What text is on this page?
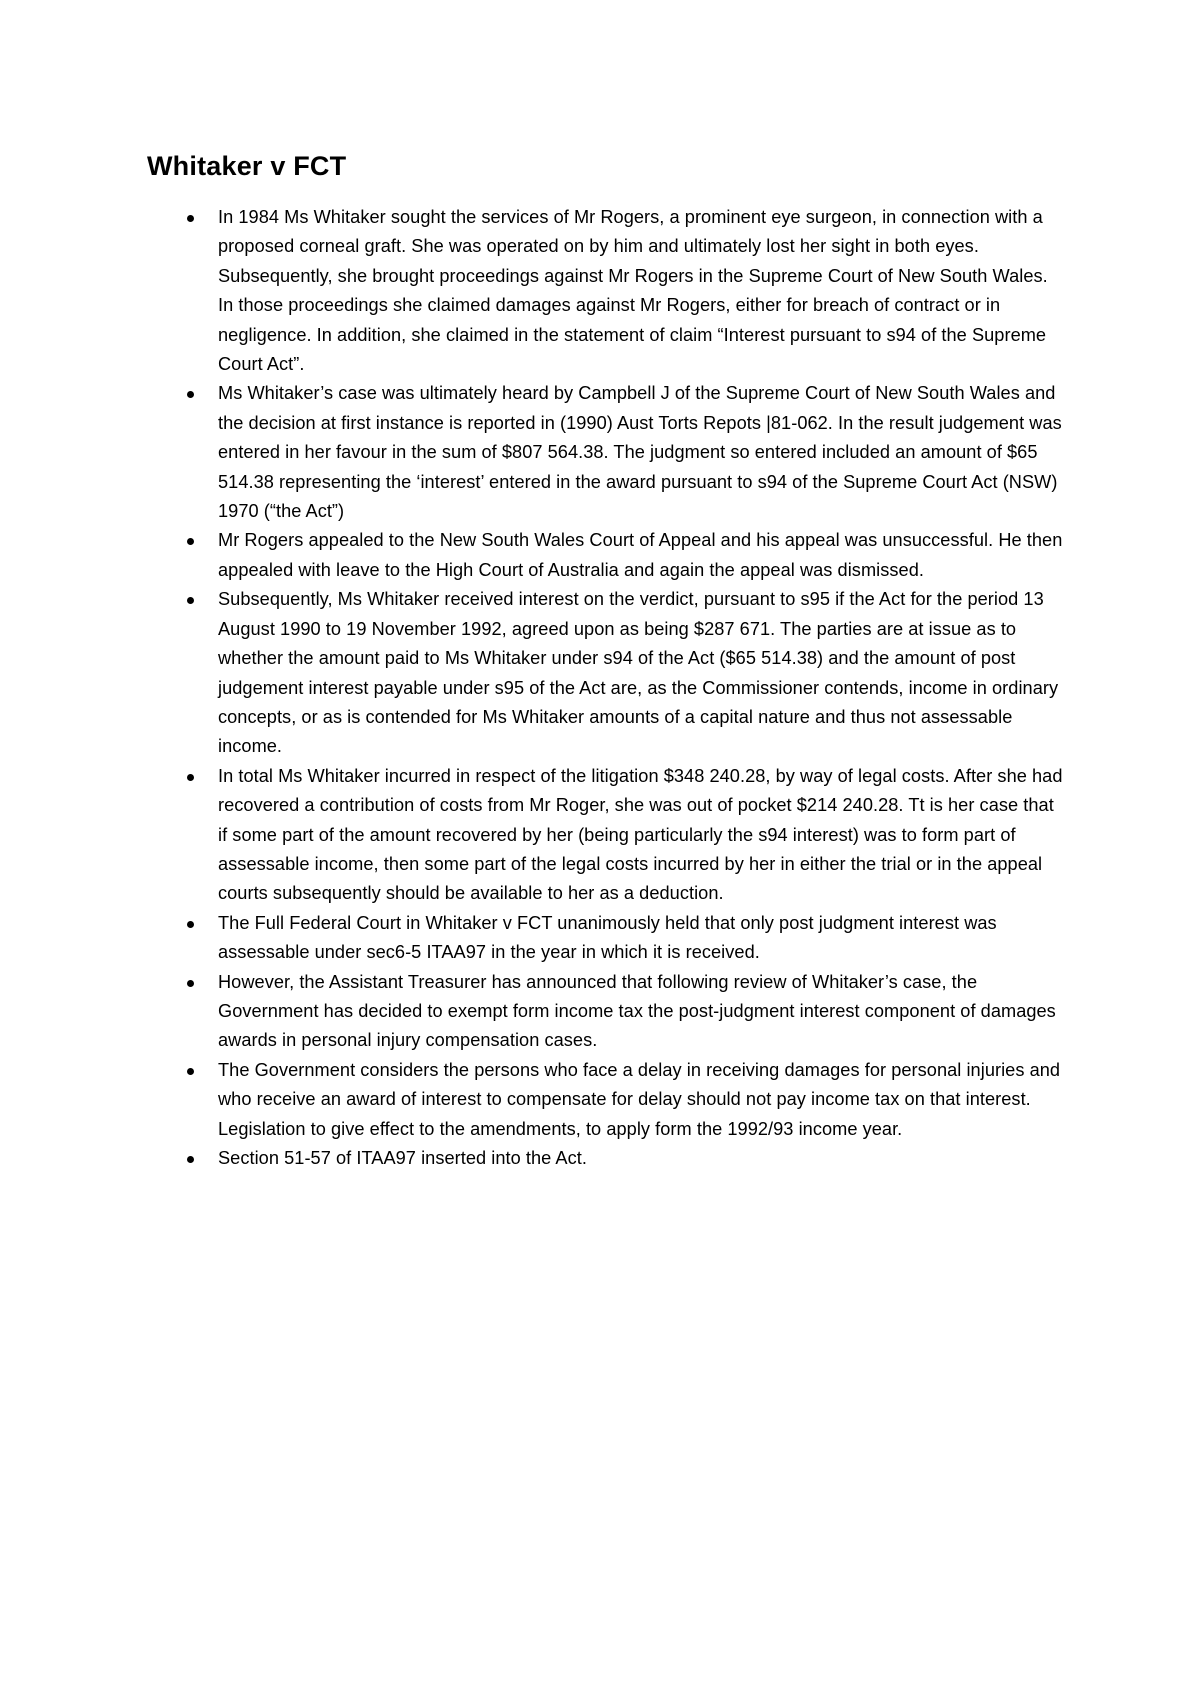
Whitaker v FCT
In 1984 Ms Whitaker sought the services of Mr Rogers, a prominent eye surgeon, in connection with a proposed corneal graft. She was operated on by him and ultimately lost her sight in both eyes. Subsequently, she brought proceedings against Mr Rogers in the Supreme Court of New South Wales. In those proceedings she claimed damages against Mr Rogers, either for breach of contract or in negligence. In addition, she claimed in the statement of claim “Interest pursuant to s94 of the Supreme Court Act”.
Ms Whitaker’s case was ultimately heard by Campbell J of the Supreme Court of New South Wales and the decision at first instance is reported in (1990) Aust Torts Repots |81-062. In the result judgement was entered in her favour in the sum of $807 564.38. The judgment so entered included an amount of $65 514.38 representing the ‘interest’ entered in the award pursuant to s94 of the Supreme Court Act (NSW) 1970 (“the Act”)
Mr Rogers appealed to the New South Wales Court of Appeal and his appeal was unsuccessful. He then appealed with leave to the High Court of Australia and again the appeal was dismissed.
Subsequently, Ms Whitaker received interest on the verdict, pursuant to s95 if the Act for the period 13 August 1990 to 19 November 1992, agreed upon as being $287 671. The parties are at issue as to whether the amount paid to Ms Whitaker under s94 of the Act ($65 514.38) and the amount of post judgement interest payable under s95 of the Act are, as the Commissioner contends, income in ordinary concepts, or as is contended for Ms Whitaker amounts of a capital nature and thus not assessable income.
In total Ms Whitaker incurred in respect of the litigation $348 240.28, by way of legal costs. After she had recovered a contribution of costs from Mr Roger, she was out of pocket $214 240.28. Tt is her case that if some part of the amount recovered by her (being particularly the s94 interest) was to form part of assessable income, then some part of the legal costs incurred by her in either the trial or in the appeal courts subsequently should be available to her as a deduction.
The Full Federal Court in Whitaker v FCT unanimously held that only post judgment interest was assessable under sec6-5 ITAA97 in the year in which it is received.
However, the Assistant Treasurer has announced that following review of Whitaker’s case, the Government has decided to exempt form income tax the post-judgment interest component of damages awards in personal injury compensation cases.
The Government considers the persons who face a delay in receiving damages for personal injuries and who receive an award of interest to compensate for delay should not pay income tax on that interest. Legislation to give effect to the amendments, to apply form the 1992/93 income year.
Section 51-57 of ITAA97 inserted into the Act.
